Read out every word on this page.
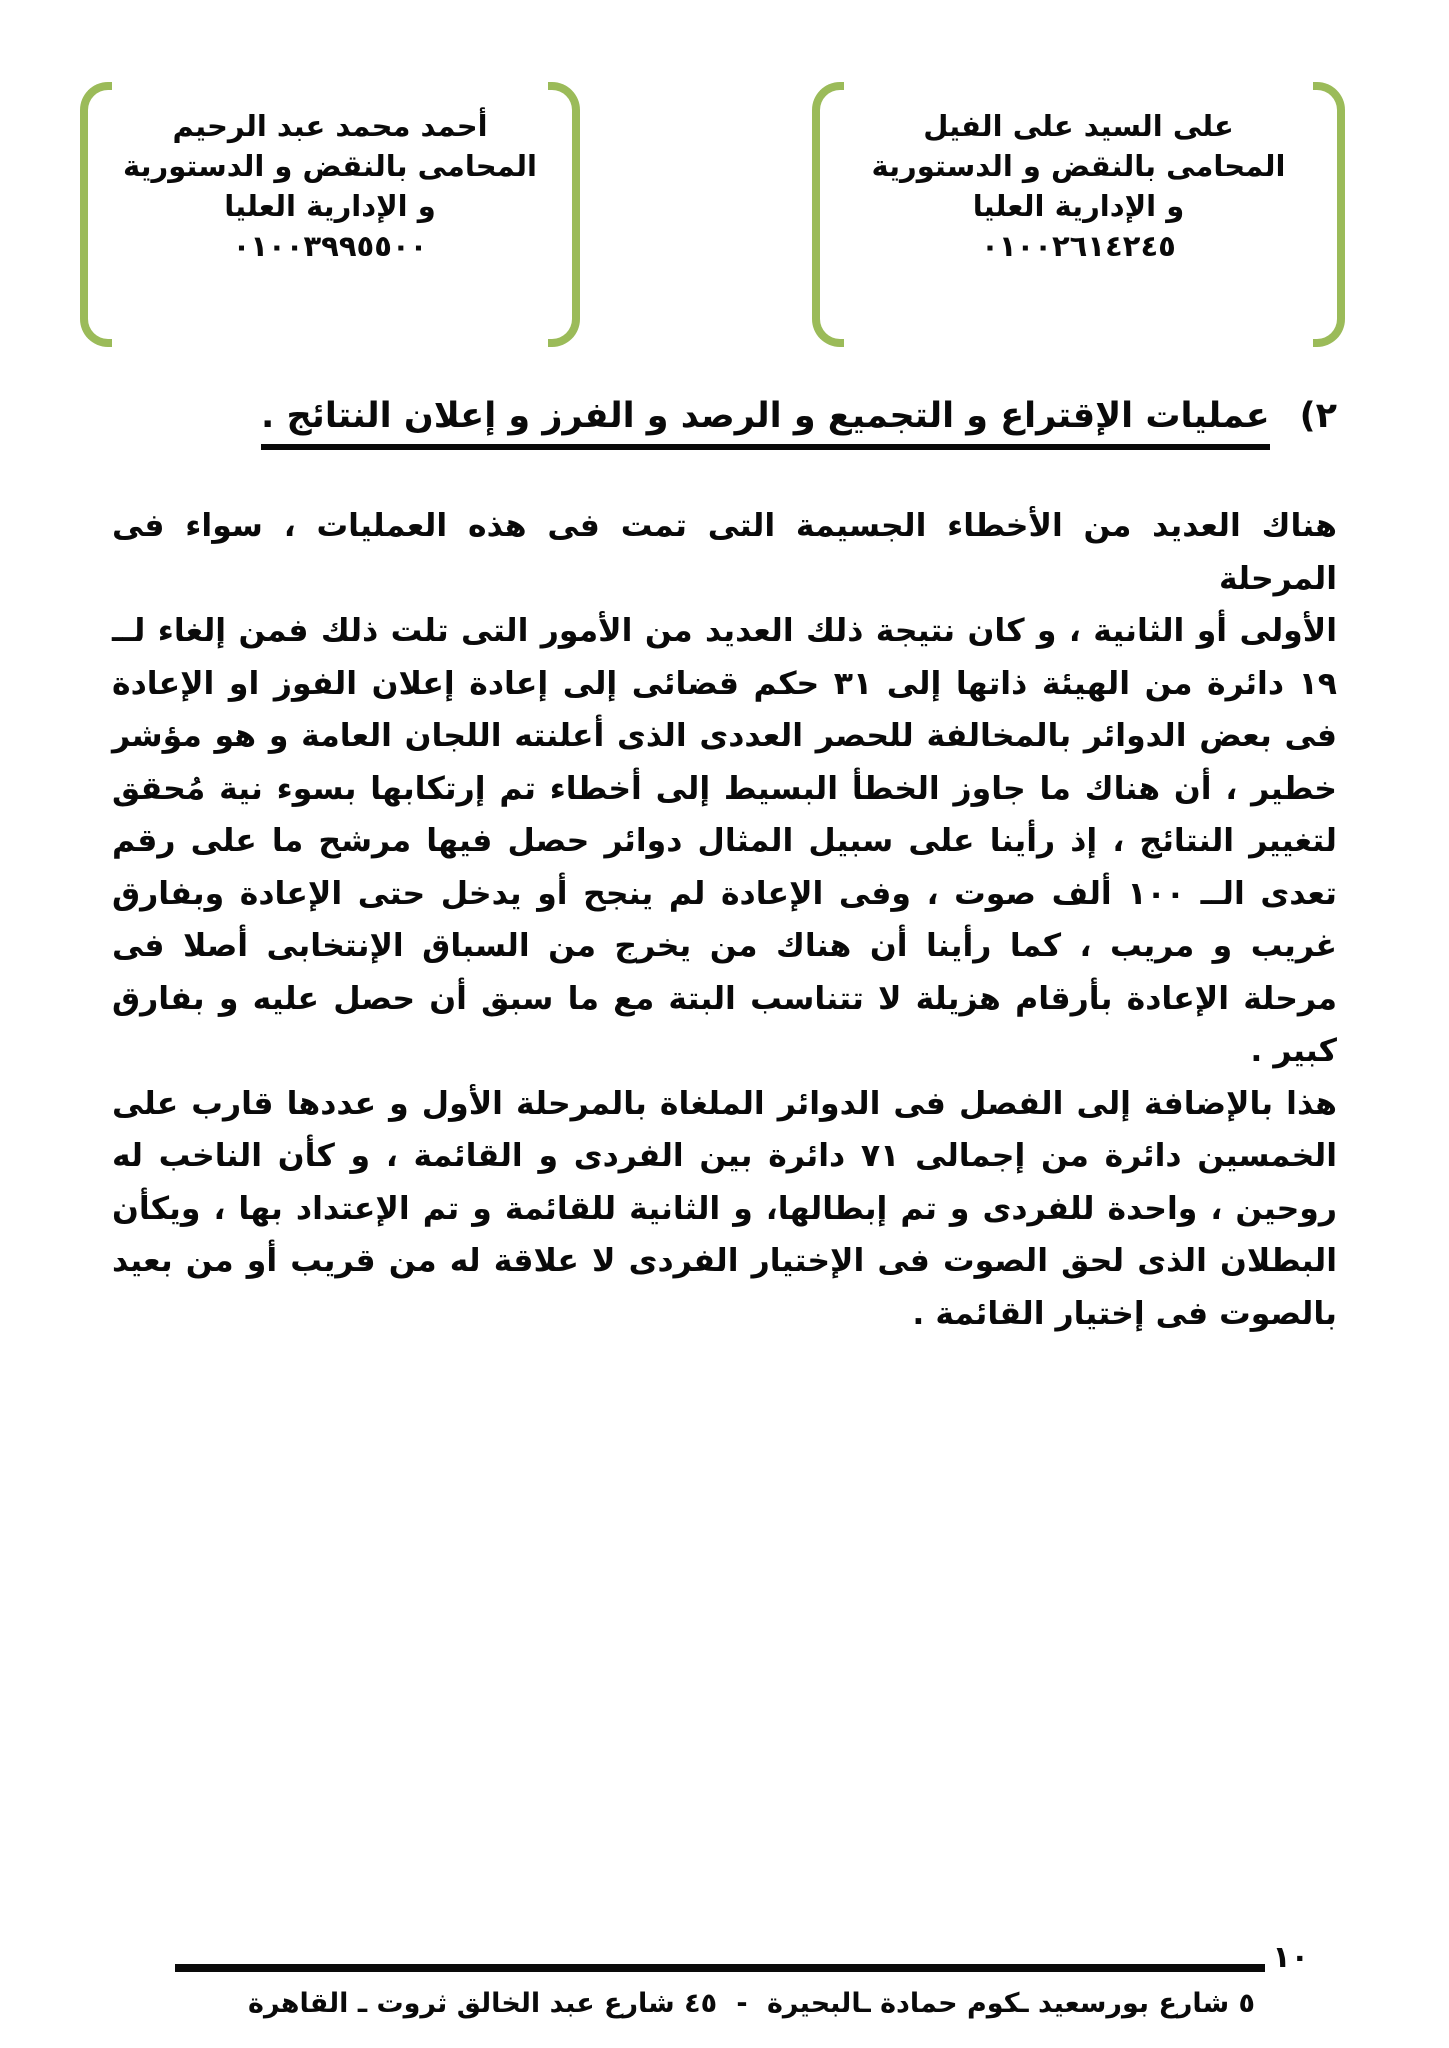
على السيد على الفيل
المحامى بالنقض و الدستورية
و الإدارية العليا
٠١٠٠٢٦١٤٢٤٥
أحمد محمد عبد الرحيم
المحامى بالنقض و الدستورية
و الإدارية العليا
٠١٠٠٣٩٩٥٥٠٠
٢)عمليات الإقتراع و التجميع و الرصد و الفرز و إعلان النتائج .
هناك العديد من الأخطاء الجسيمة التى تمت فى هذه العمليات ، سواء فى المرحلة
الأولى أو الثانية ، و كان نتيجة ذلك العديد من الأمور التى تلت ذلك فمن إلغاء لــ
١٩ دائرة من الهيئة ذاتها إلى ٣١ حكم قضائى إلى إعادة إعلان الفوز او الإعادة
فى بعض الدوائر بالمخالفة للحصر العددى الذى أعلنته اللجان العامة و هو مؤشر
خطير ، أن هناك ما جاوز الخطأ البسيط إلى أخطاء تم إرتكابها بسوء نية مُحقق
لتغيير النتائج ، إذ رأينا على سبيل المثال دوائر حصل فيها مرشح ما على رقم
تعدى الــ ١٠٠ ألف صوت ، وفى الإعادة لم ينجح أو يدخل حتى الإعادة وبفارق
غريب و مريب ، كما رأينا أن هناك من يخرج من السباق الإنتخابى أصلا فى
مرحلة الإعادة بأرقام هزيلة لا تتناسب البتة مع ما سبق أن حصل عليه و بفارق
كبير .
هذا بالإضافة إلى الفصل فى الدوائر الملغاة بالمرحلة الأول و عددها قارب على
الخمسين دائرة من إجمالى ٧١ دائرة بين الفردى و القائمة ، و كأن الناخب له
روحين ، واحدة للفردى و تم إبطالها، و الثانية للقائمة و تم الإعتداد بها ، ويكأن
البطلان الذى لحق الصوت فى الإختيار الفردى لا علاقة له من قريب أو من بعيد
بالصوت فى إختيار القائمة .
١٠
٥ شارع بورسعيد ـكوم حمادة ـالبحيرة
-
٤٥ شارع عبد الخالق ثروت ـ القاهرة
